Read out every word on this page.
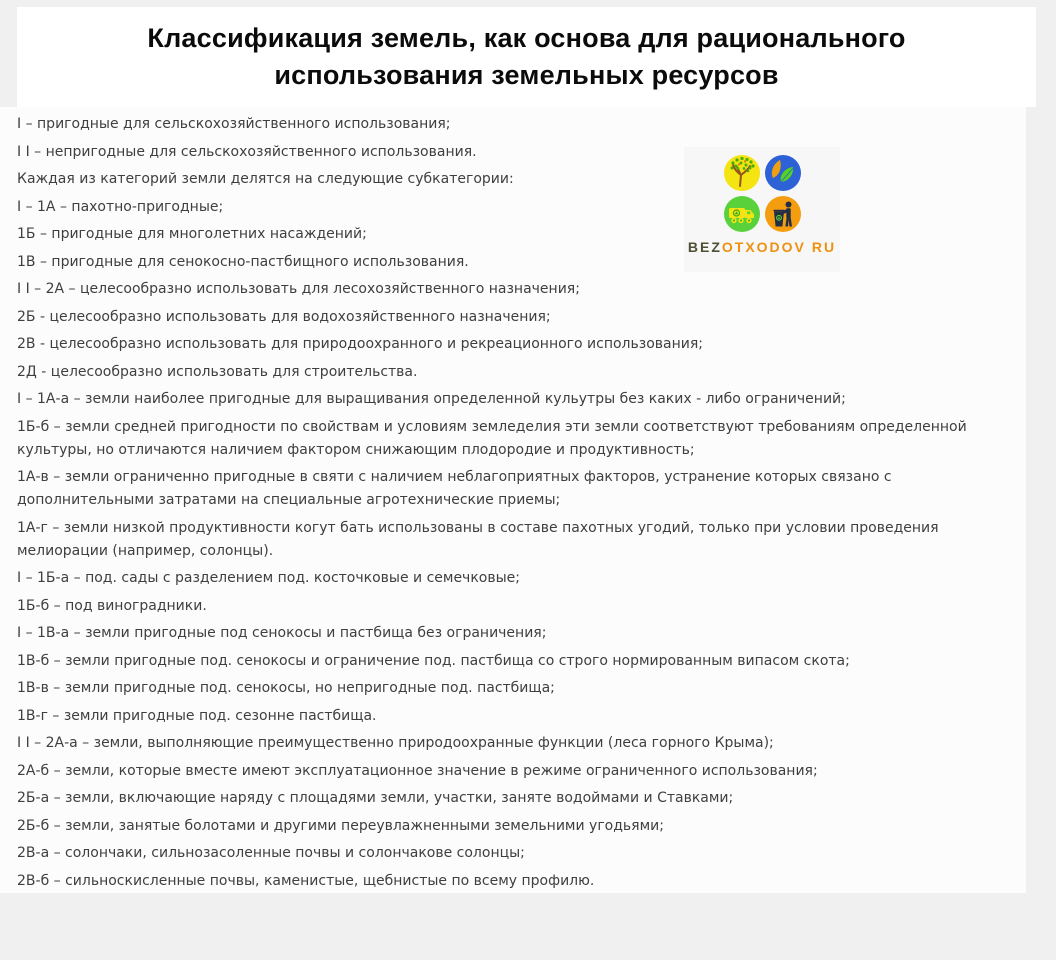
Классификация земель, как основа для рационального
использования земельных ресурсов

I – пригодные для сельскохозяйственного использования;

I I – непригодные для сельскохозяйственного использования.

Каждая из категорий земли делятся на следующие субкатегории:

I – 1А – пахотно-пригодные;

1Б – пригодные для многолетних насаждений;

1В – пригодные для сенокосно-пастбищного использования.

I I – 2А – целесообразно использовать для лесохозяйственного назначения;

2Б - целесообразно использовать для водохозяйственного назначения;

2В - целесообразно использовать для природоохранного и рекреационного использования;

2Д - целесообразно использовать для строительства.

I – 1А-а – земли наиболее пригодные для выращивания определенной кульутры без каких - либо ограничений;

1Б-б – земли средней пригодности по свойствам и условиям земледелия эти земли соответствуют требованиям определенной культуры, но отличаются наличием фактором снижающим плодородие и продуктивность;

1А-в – земли ограниченно пригодные в святи с наличием неблагоприятных факторов, устранение которых связано с дополнительными затратами на специальные агротехнические приемы;

1А-г – земли низкой продуктивности когут бать использованы в составе пахотных угодий, только при условии проведения мелиорации (например, солонцы).

I – 1Б-а – под. сады с разделением под. косточковые и семечковые;

1Б-б – под виноградники.

I – 1В-а – земли пригодные под сенокосы и пастбища без ограничения;

1В-б – земли пригодные под. сенокосы и ограничение под. пастбища со строго нормированным випасом скота;

1В-в – земли пригодные под. сенокосы, но непригодные под. пастбища;

1В-г – земли пригодные под. сезонне пастбища.

I I – 2А-а – земли, выполняющие преимущественно природоохранные функции (леса горного Крыма);

2А-б – земли, которые вместе имеют эксплуатационное значение в режиме ограниченного использования;

2Б-а – земли, включающие наряду с площадями земли, участки, заняте водоймами и Ставками;

2Б-б – земли, занятые болотами и другими переувлажненными земельними угодьями;

2В-а – солончаки, сильнозасоленные почвы и солончакове солонцы;

2В-б – сильноскисленные почвы, каменистые, щебнистые по всему профилю.

BEZOTXODOV RU
